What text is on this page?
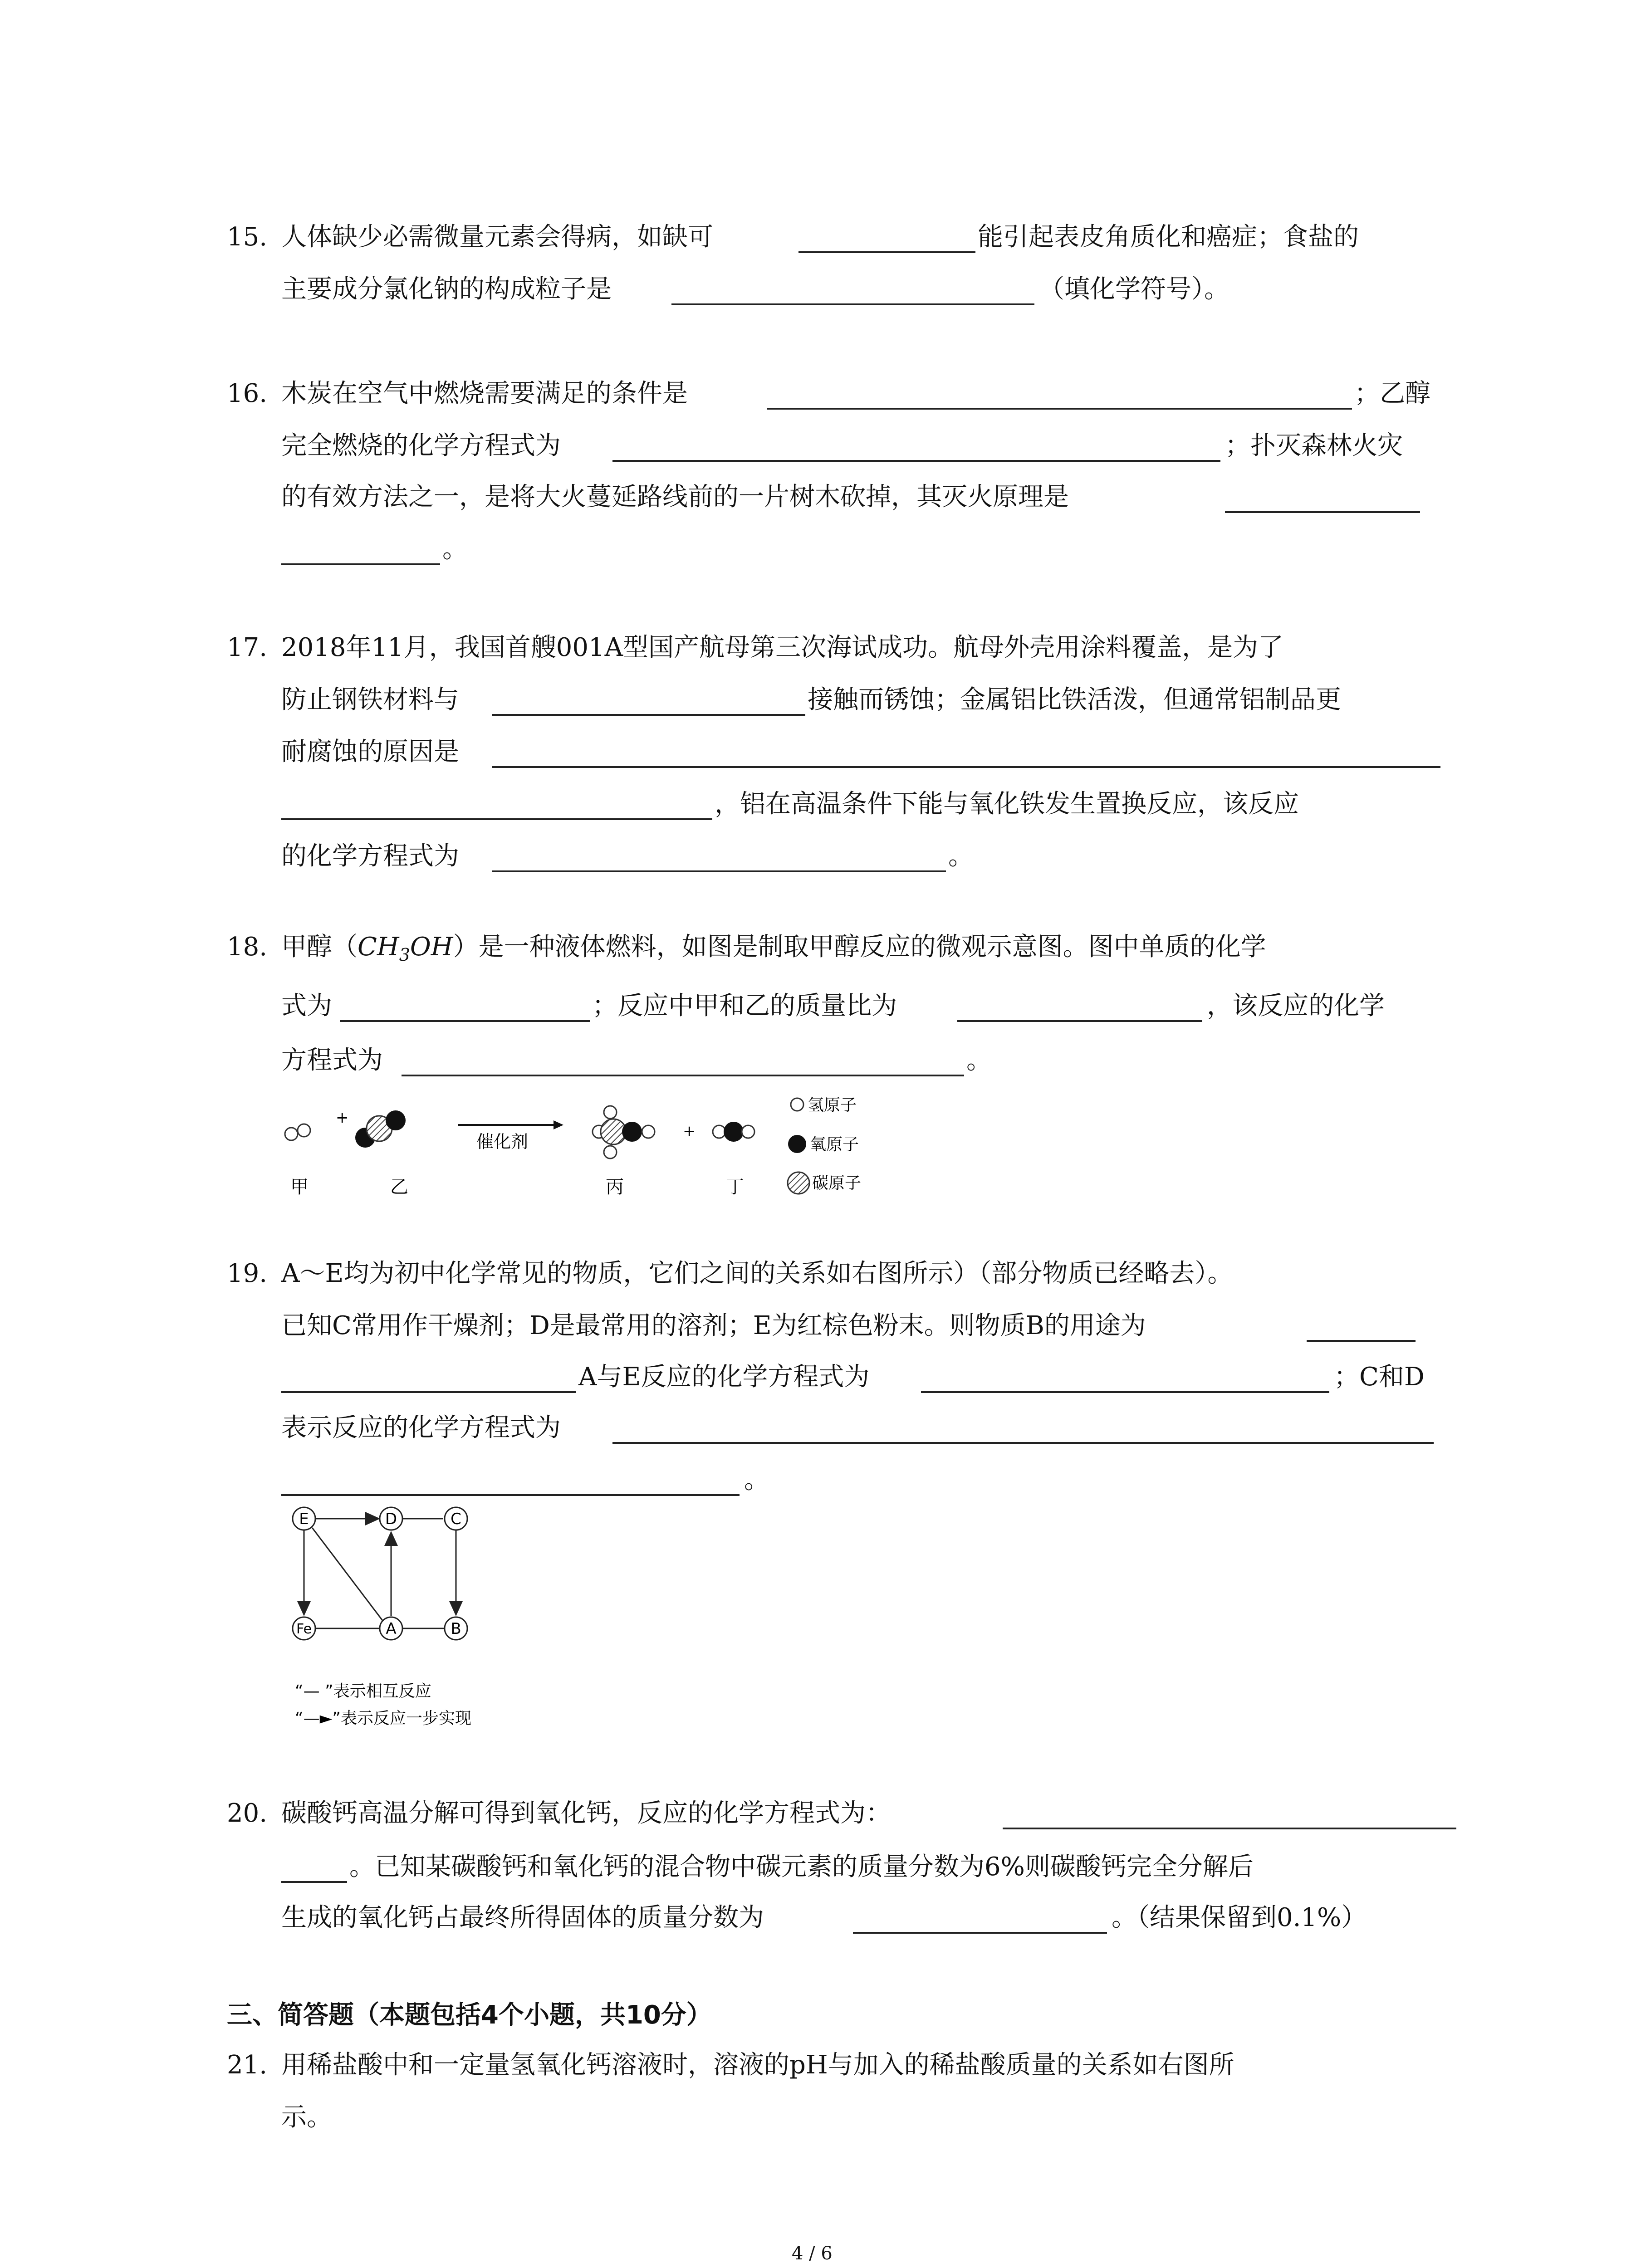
15. 人体缺少必需微量元素会得病，如缺可	能引起表皮角质化和癌症；食盐的
主要成分氯化钠的构成粒子是	（填化学符号）。
16. 木炭在空气中燃烧需要满足的条件是	；乙醇
完全燃烧的化学方程式为	；扑灭森林火灾
的有效方法之一，是将大火蔓延路线前的一片树木砍掉，其灭火原理是
。
17. 2018年11月，我国首艘001A型国产航母第三次海试成功。航母外壳用涂料覆盖，是为了
防止钢铁材料与	接触而锈蚀；金属铝比铁活泼，但通常铝制品更
耐腐蚀的原因是
，铝在高温条件下能与氧化铁发生置换反应，该反应
的化学方程式为	。
18. 甲醇$(CH_3OH)$是一种液体燃料，如图是制取甲醇反应的微观示意图。图中单质的化学
式为	；反应中甲和乙的质量比为	，该反应的化学
方程式为	。
+
催化剂
+
甲	乙	丙	丁
氢原子
氧原子
碳原子
19. A～E均为初中化学常见的物质，它们之间的关系如右图所示）（部分物质已经略去）。
已知C常用作干燥剂；D是最常用的溶剂；E为红棕色粉末。则物质B的用途为
A与E反应的化学方程式为	；C和D
表示反应的化学方程式为
。
E	D	C
Fe	A	B
“— ”表示相互反应
“—►”表示反应一步实现
20. 碳酸钙高温分解可得到氧化钙，反应的化学方程式为：
。已知某碳酸钙和氧化钙的混合物中碳元素的质量分数为6%则碳酸钙完全分解后
生成的氧化钙占最终所得固体的质量分数为	。（结果保留到0.1%）
三、简答题（本题包括4个小题，共10分）
21. 用稀盐酸中和一定量氢氧化钙溶液时，溶液的pH与加入的稀盐酸质量的关系如右图所
示。
4 / 6
